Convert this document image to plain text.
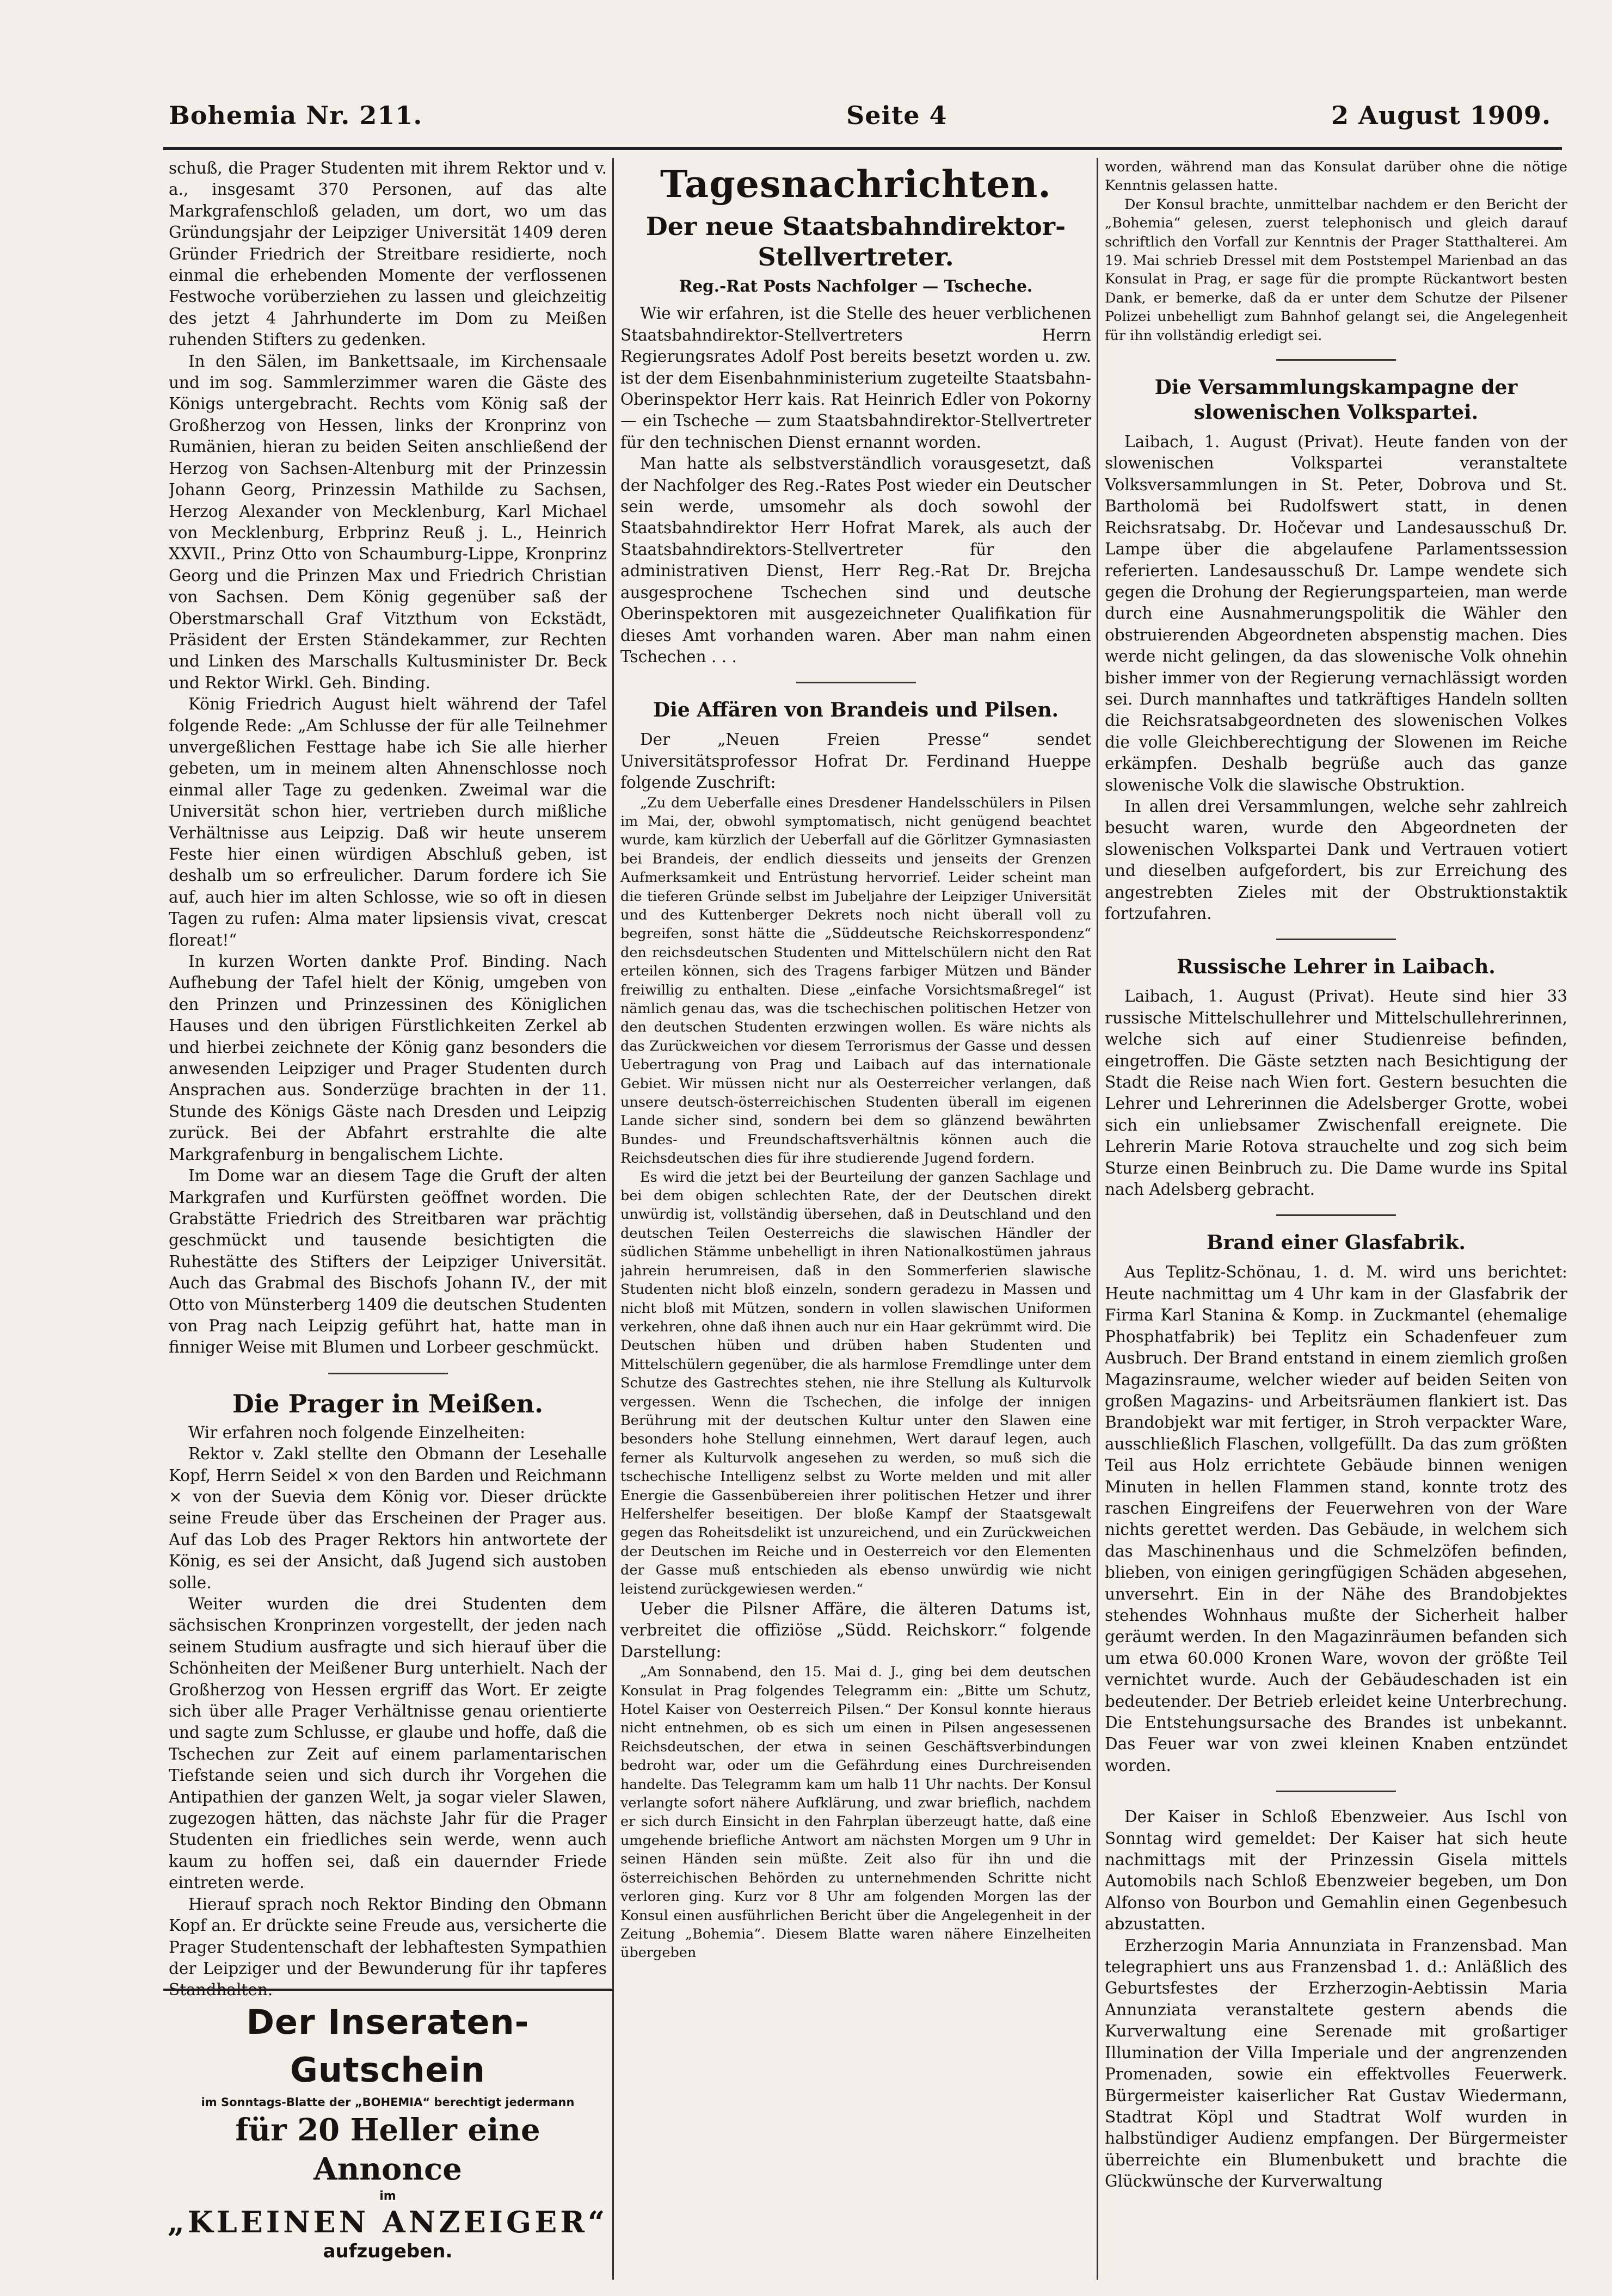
Bohemia Nr. 211.	Seite 4	2 August 1909.

schuß, die Prager Studenten mit ihrem Rektor und v. a., insgesamt 370 Personen, auf das alte Markgrafenschloß geladen, um dort, wo um das Gründungsjahr der Leipziger Universität 1409 deren Gründer Friedrich der Streitbare residierte, noch einmal die erhebenden Momente der verflossenen Festwoche vorüberziehen zu lassen und gleichzeitig des jetzt 4 Jahrhunderte im Dom zu Meißen ruhenden Stifters zu gedenken.

In den Sälen, im Bankettsaale, im Kirchensaale und im sog. Sammlerzimmer waren die Gäste des Königs untergebracht. Rechts vom König saß der Großherzog von Hessen, links der Kronprinz von Rumänien, hieran zu beiden Seiten anschließend der Herzog von Sachsen-Altenburg mit der Prinzessin Johann Georg, Prinzessin Mathilde zu Sachsen, Herzog Alexander von Mecklenburg, Karl Michael von Mecklenburg, Erbprinz Reuß j. L., Heinrich XXVII., Prinz Otto von Schaumburg-Lippe, Kronprinz Georg und die Prinzen Max und Friedrich Christian von Sachsen. Dem König gegenüber saß der Oberstmarschall Graf Vitzthum von Eckstädt, Präsident der Ersten Ständekammer, zur Rechten und Linken des Marschalls Kultusminister Dr. Beck und Rektor Wirkl. Geh. Binding.

König Friedrich August hielt während der Tafel folgende Rede: „Am Schlusse der für alle Teilnehmer unvergeßlichen Festtage habe ich Sie alle hierher gebeten, um in meinem alten Ahnenschlosse noch einmal aller Tage zu gedenken. Zweimal war die Universität schon hier, vertrieben durch mißliche Verhältnisse aus Leipzig. Daß wir heute unserem Feste hier einen würdigen Abschluß geben, ist deshalb um so erfreulicher. Darum fordere ich Sie auf, auch hier im alten Schlosse, wie so oft in diesen Tagen zu rufen: Alma mater lipsiensis vivat, crescat floreat!“

In kurzen Worten dankte Prof. Binding. Nach Aufhebung der Tafel hielt der König, umgeben von den Prinzen und Prinzessinen des Königlichen Hauses und den übrigen Fürstlichkeiten Zerkel ab und hierbei zeichnete der König ganz besonders die anwesenden Leipziger und Prager Studenten durch Ansprachen aus. Sonderzüge brachten in der 11. Stunde des Königs Gäste nach Dresden und Leipzig zurück. Bei der Abfahrt erstrahlte die alte Markgrafenburg in bengalischem Lichte.

Im Dome war an diesem Tage die Gruft der alten Markgrafen und Kurfürsten geöffnet worden. Die Grabstätte Friedrich des Streitbaren war prächtig geschmückt und tausende besichtigten die Ruhestätte des Stifters der Leipziger Universität. Auch das Grabmal des Bischofs Johann IV., der mit Otto von Münsterberg 1409 die deutschen Studenten von Prag nach Leipzig geführt hat, hatte man in finniger Weise mit Blumen und Lorbeer geschmückt.

Die Prager in Meißen.

Wir erfahren noch folgende Einzelheiten:

Rektor v. Zakl stellte den Obmann der Lesehalle Kopf, Herrn Seidel × von den Barden und Reichmann × von der Suevia dem König vor. Dieser drückte seine Freude über das Erscheinen der Prager aus. Auf das Lob des Prager Rektors hin antwortete der König, es sei der Ansicht, daß Jugend sich austoben solle.

Weiter wurden die drei Studenten dem sächsischen Kronprinzen vorgestellt, der jeden nach seinem Studium ausfragte und sich hierauf über die Schönheiten der Meißener Burg unterhielt. Nach der Großherzog von Hessen ergriff das Wort. Er zeigte sich über alle Prager Verhältnisse genau orientierte und sagte zum Schlusse, er glaube und hoffe, daß die Tschechen zur Zeit auf einem parlamentarischen Tiefstande seien und sich durch ihr Vorgehen die Antipathien der ganzen Welt, ja sogar vieler Slawen, zugezogen hätten, das nächste Jahr für die Prager Studenten ein friedliches sein werde, wenn auch kaum zu hoffen sei, daß ein dauernder Friede eintreten werde.

Hierauf sprach noch Rektor Binding den Obmann Kopf an. Er drückte seine Freude aus, versicherte die Prager Studentenschaft der lebhaftesten Sympathien der Leipziger und der Bewunderung für ihr tapferes Standhalten.

Der Inseraten-Gutschein
im Sonntags-Blatte der „BOHEMIA“ berechtigt jedermann
für 20 Heller eine Annonce
im
„KLEINEN ANZEIGER“
aufzugeben.
Tagesnachrichten.
Der neue Staatsbahndirektor-Stellvertreter.
Reg.-Rat Posts Nachfolger — Tscheche.

Wie wir erfahren, ist die Stelle des heuer verblichenen Staatsbahndirektor-Stellvertreters Herrn Regierungsrates Adolf Post bereits besetzt worden u. zw. ist der dem Eisenbahnministerium zugeteilte Staatsbahn-Oberinspektor Herr kais. Rat Heinrich Edler von Pokorny — ein Tscheche — zum Staatsbahndirektor-Stellvertreter für den technischen Dienst ernannt worden.

Man hatte als selbstverständlich vorausgesetzt, daß der Nachfolger des Reg.-Rates Post wieder ein Deutscher sein werde, umsomehr als doch sowohl der Staatsbahndirektor Herr Hofrat Marek, als auch der Staatsbahndirektors-Stellvertreter für den administrativen Dienst, Herr Reg.-Rat Dr. Brejcha ausgesprochene Tschechen sind und deutsche Oberinspektoren mit ausgezeichneter Qualifikation für dieses Amt vorhanden waren. Aber man nahm einen Tschechen . . .

Die Affären von Brandeis und Pilsen.

Der „Neuen Freien Presse“ sendet Universitätsprofessor Hofrat Dr. Ferdinand Hueppe folgende Zuschrift:

„Zu dem Ueberfalle eines Dresdener Handelsschülers in Pilsen im Mai, der, obwohl symptomatisch, nicht genügend beachtet wurde, kam kürzlich der Ueberfall auf die Görlitzer Gymnasiasten bei Brandeis, der endlich diesseits und jenseits der Grenzen Aufmerksamkeit und Entrüstung hervorrief. Leider scheint man die tieferen Gründe selbst im Jubeljahre der Leipziger Universität und des Kuttenberger Dekrets noch nicht überall voll zu begreifen, sonst hätte die „Süddeutsche Reichskorrespondenz“ den reichsdeutschen Studenten und Mittelschülern nicht den Rat erteilen können, sich des Tragens farbiger Mützen und Bänder freiwillig zu enthalten. Diese „einfache Vorsichtsmaßregel“ ist nämlich genau das, was die tschechischen politischen Hetzer von den deutschen Studenten erzwingen wollen. Es wäre nichts als das Zurückweichen vor diesem Terrorismus der Gasse und dessen Uebertragung von Prag und Laibach auf das internationale Gebiet. Wir müssen nicht nur als Oesterreicher verlangen, daß unsere deutsch-österreichischen Studenten überall im eigenen Lande sicher sind, sondern bei dem so glänzend bewährten Bundes- und Freundschaftsverhältnis können auch die Reichsdeutschen dies für ihre studierende Jugend fordern.

Es wird die jetzt bei der Beurteilung der ganzen Sachlage und bei dem obigen schlechten Rate, der der Deutschen direkt unwürdig ist, vollständig übersehen, daß in Deutschland und den deutschen Teilen Oesterreichs die slawischen Händler der südlichen Stämme unbehelligt in ihren Nationalkostümen jahraus jahrein herumreisen, daß in den Sommerferien slawische Studenten nicht bloß einzeln, sondern geradezu in Massen und nicht bloß mit Mützen, sondern in vollen slawischen Uniformen verkehren, ohne daß ihnen auch nur ein Haar gekrümmt wird. Die Deutschen hüben und drüben haben Studenten und Mittelschülern gegenüber, die als harmlose Fremdlinge unter dem Schutze des Gastrechtes stehen, nie ihre Stellung als Kulturvolk vergessen. Wenn die Tschechen, die infolge der innigen Berührung mit der deutschen Kultur unter den Slawen eine besonders hohe Stellung einnehmen, Wert darauf legen, auch ferner als Kulturvolk angesehen zu werden, so muß sich die tschechische Intelligenz selbst zu Worte melden und mit aller Energie die Gassenbübereien ihrer politischen Hetzer und ihrer Helfershelfer beseitigen. Der bloße Kampf der Staatsgewalt gegen das Roheitsdelikt ist unzureichend, und ein Zurückweichen der Deutschen im Reiche und in Oesterreich vor den Elementen der Gasse muß entschieden als ebenso unwürdig wie nicht leistend zurückgewiesen werden.“

Ueber die Pilsner Affäre, die älteren Datums ist, verbreitet die offiziöse „Südd. Reichskorr.“ folgende Darstellung:

„Am Sonnabend, den 15. Mai d. J., ging bei dem deutschen Konsulat in Prag folgendes Telegramm ein: „Bitte um Schutz, Hotel Kaiser von Oesterreich Pilsen.“ Der Konsul konnte hieraus nicht entnehmen, ob es sich um einen in Pilsen angesessenen Reichsdeutschen, der etwa in seinen Geschäftsverbindungen bedroht war, oder um die Gefährdung eines Durchreisenden handelte. Das Telegramm kam um halb 11 Uhr nachts. Der Konsul verlangte sofort nähere Aufklärung, und zwar brieflich, nachdem er sich durch Einsicht in den Fahrplan überzeugt hatte, daß eine umgehende briefliche Antwort am nächsten Morgen um 9 Uhr in seinen Händen sein müßte. Zeit also für ihn und die österreichischen Behörden zu unternehmenden Schritte nicht verloren ging. Kurz vor 8 Uhr am folgenden Morgen las der Konsul einen ausführlichen Bericht über die Angelegenheit in der Zeitung „Bohemia“. Diesem Blatte waren nähere Einzelheiten übergeben

worden, während man das Konsulat darüber ohne die nötige Kenntnis gelassen hatte.

Der Konsul brachte, unmittelbar nachdem er den Bericht der „Bohemia“ gelesen, zuerst telephonisch und gleich darauf schriftlich den Vorfall zur Kenntnis der Prager Statthalterei. Am 19. Mai schrieb Dressel mit dem Poststempel Marienbad an das Konsulat in Prag, er sage für die prompte Rückantwort besten Dank, er bemerke, daß da er unter dem Schutze der Pilsener Polizei unbehelligt zum Bahnhof gelangt sei, die Angelegenheit für ihn vollständig erledigt sei.

Die Versammlungskampagne der slowenischen Volkspartei.

Laibach, 1. August (Privat). Heute fanden von der slowenischen Volkspartei veranstaltete Volksversammlungen in St. Peter, Dobrova und St. Bartholomä bei Rudolfswert statt, in denen Reichsratsabg. Dr. Hočevar und Landesausschuß Dr. Lampe über die abgelaufene Parlamentssession referierten. Landesausschuß Dr. Lampe wendete sich gegen die Drohung der Regierungsparteien, man werde durch eine Ausnahmerungspolitik die Wähler den obstruierenden Abgeordneten abspenstig machen. Dies werde nicht gelingen, da das slowenische Volk ohnehin bisher immer von der Regierung vernachlässigt worden sei. Durch mannhaftes und tatkräftiges Handeln sollten die Reichsratsabgeordneten des slowenischen Volkes die volle Gleichberechtigung der Slowenen im Reiche erkämpfen. Deshalb begrüße auch das ganze slowenische Volk die slawische Obstruktion.

In allen drei Versammlungen, welche sehr zahlreich besucht waren, wurde den Abgeordneten der slowenischen Volkspartei Dank und Vertrauen votiert und dieselben aufgefordert, bis zur Erreichung des angestrebten Zieles mit der Obstruktionstaktik fortzufahren.

Russische Lehrer in Laibach.

Laibach, 1. August (Privat). Heute sind hier 33 russische Mittelschullehrer und Mittelschullehrerinnen, welche sich auf einer Studienreise befinden, eingetroffen. Die Gäste setzten nach Besichtigung der Stadt die Reise nach Wien fort. Gestern besuchten die Lehrer und Lehrerinnen die Adelsberger Grotte, wobei sich ein unliebsamer Zwischenfall ereignete. Die Lehrerin Marie Rotova strauchelte und zog sich beim Sturze einen Beinbruch zu. Die Dame wurde ins Spital nach Adelsberg gebracht.

Brand einer Glasfabrik.

Aus Teplitz-Schönau, 1. d. M. wird uns berichtet: Heute nachmittag um 4 Uhr kam in der Glasfabrik der Firma Karl Stanina & Komp. in Zuckmantel (ehemalige Phosphatfabrik) bei Teplitz ein Schadenfeuer zum Ausbruch. Der Brand entstand in einem ziemlich großen Magazinsraume, welcher wieder auf beiden Seiten von großen Magazins- und Arbeitsräumen flankiert ist. Das Brandobjekt war mit fertiger, in Stroh verpackter Ware, ausschließlich Flaschen, vollgefüllt. Da das zum größten Teil aus Holz errichtete Gebäude binnen wenigen Minuten in hellen Flammen stand, konnte trotz des raschen Eingreifens der Feuerwehren von der Ware nichts gerettet werden. Das Gebäude, in welchem sich das Maschinenhaus und die Schmelzöfen befinden, blieben, von einigen geringfügigen Schäden abgesehen, unversehrt. Ein in der Nähe des Brandobjektes stehendes Wohnhaus mußte der Sicherheit halber geräumt werden. In den Magazinräumen befanden sich um etwa 60.000 Kronen Ware, wovon der größte Teil vernichtet wurde. Auch der Gebäudeschaden ist ein bedeutender. Der Betrieb erleidet keine Unterbrechung. Die Entstehungsursache des Brandes ist unbekannt. Das Feuer war von zwei kleinen Knaben entzündet worden.

Der Kaiser in Schloß Ebenzweier. Aus Ischl von Sonntag wird gemeldet: Der Kaiser hat sich heute nachmittags mit der Prinzessin Gisela mittels Automobils nach Schloß Ebenzweier begeben, um Don Alfonso von Bourbon und Gemahlin einen Gegenbesuch abzustatten.

Erzherzogin Maria Annunziata in Franzensbad. Man telegraphiert uns aus Franzensbad 1. d.: Anläßlich des Geburtsfestes der Erzherzogin-Aebtissin Maria Annunziata veranstaltete gestern abends die Kurverwaltung eine Serenade mit großartiger Illumination der Villa Imperiale und der angrenzenden Promenaden, sowie ein effektvolles Feuerwerk. Bürgermeister kaiserlicher Rat Gustav Wiedermann, Stadtrat Köpl und Stadtrat Wolf wurden in halbstündiger Audienz empfangen. Der Bürgermeister überreichte ein Blumenbukett und brachte die Glückwünsche der Kurverwaltung
